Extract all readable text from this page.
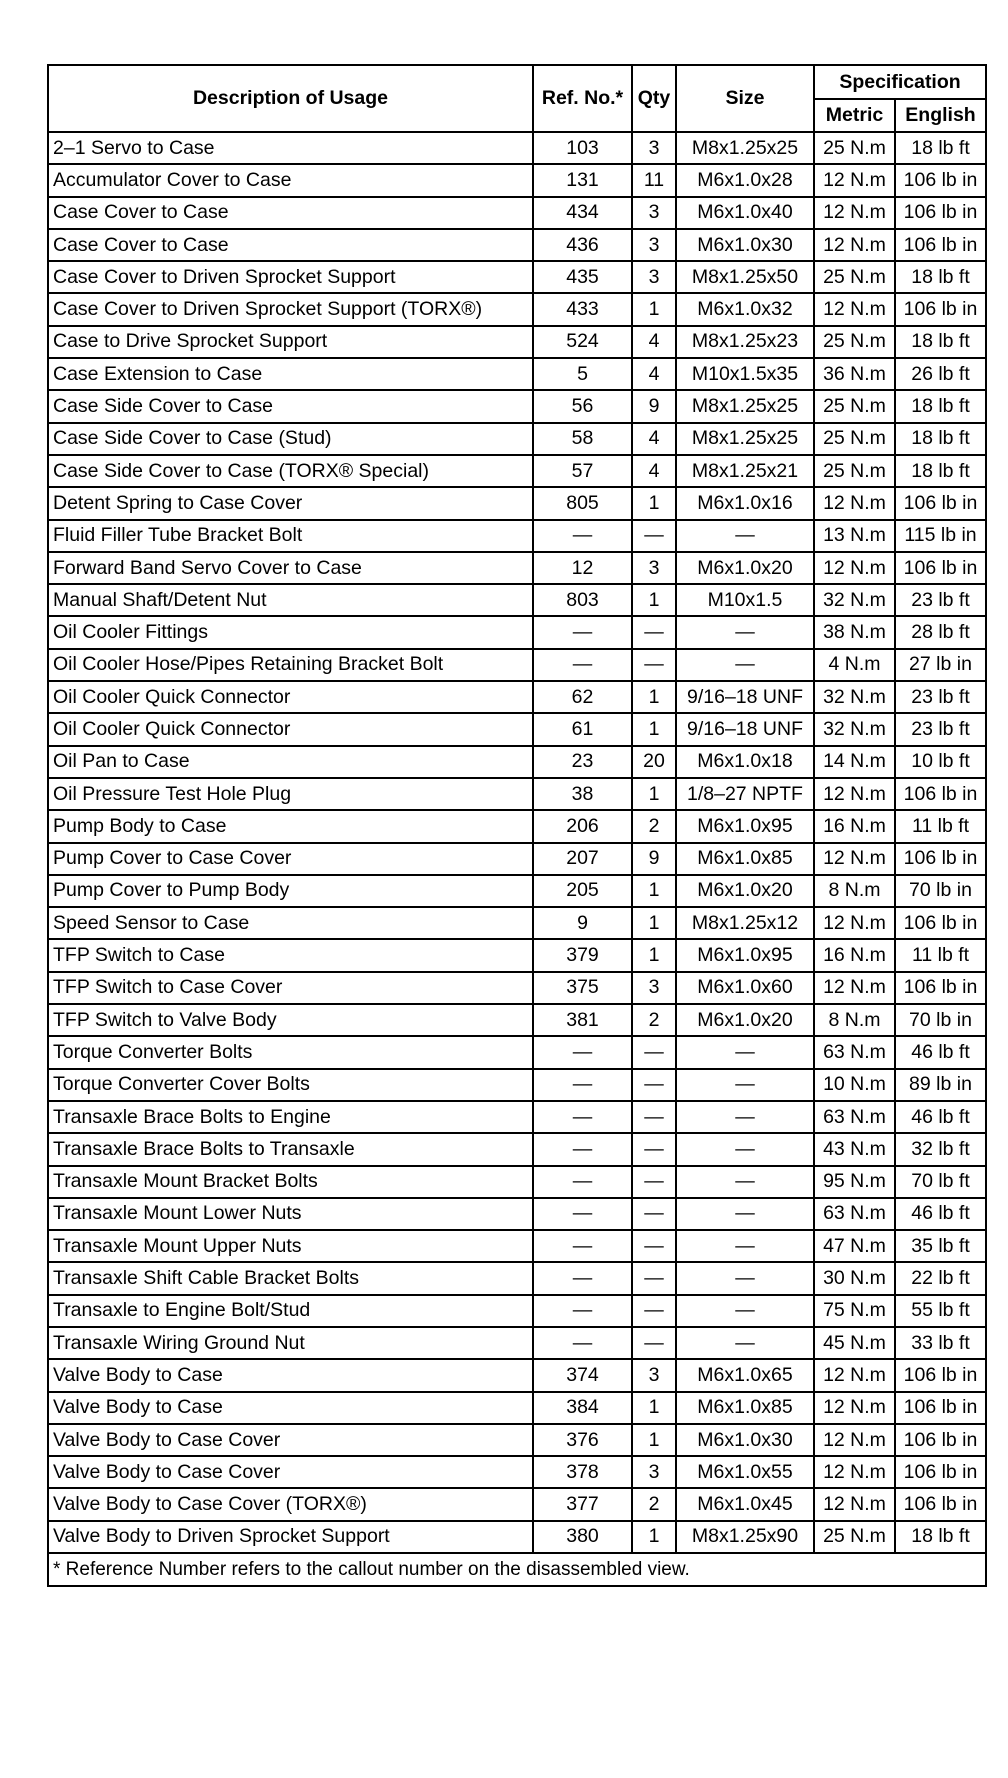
Description of Usage	Ref. No.*	Qty	Size	Specification	
				Metric	English
2–1 Servo to Case	103	3	M8x1.25x25	25 N.m	18 lb ft
Accumulator Cover to Case	131	11	M6x1.0x28	12 N.m	106 lb in
Case Cover to Case	434	3	M6x1.0x40	12 N.m	106 lb in
Case Cover to Case	436	3	M6x1.0x30	12 N.m	106 lb in
Case Cover to Driven Sprocket Support	435	3	M8x1.25x50	25 N.m	18 lb ft
Case Cover to Driven Sprocket Support (TORX®)	433	1	M6x1.0x32	12 N.m	106 lb in
Case to Drive Sprocket Support	524	4	M8x1.25x23	25 N.m	18 lb ft
Case Extension to Case	5	4	M10x1.5x35	36 N.m	26 lb ft
Case Side Cover to Case	56	9	M8x1.25x25	25 N.m	18 lb ft
Case Side Cover to Case (Stud)	58	4	M8x1.25x25	25 N.m	18 lb ft
Case Side Cover to Case (TORX® Special)	57	4	M8x1.25x21	25 N.m	18 lb ft
Detent Spring to Case Cover	805	1	M6x1.0x16	12 N.m	106 lb in
Fluid Filler Tube Bracket Bolt	—	—	—	13 N.m	115 lb in
Forward Band Servo Cover to Case	12	3	M6x1.0x20	12 N.m	106 lb in
Manual Shaft/Detent Nut	803	1	M10x1.5	32 N.m	23 lb ft
Oil Cooler Fittings	—	—	—	38 N.m	28 lb ft
Oil Cooler Hose/Pipes Retaining Bracket Bolt	—	—	—	4 N.m	27 lb in
Oil Cooler Quick Connector	62	1	9/16–18 UNF	32 N.m	23 lb ft
Oil Cooler Quick Connector	61	1	9/16–18 UNF	32 N.m	23 lb ft
Oil Pan to Case	23	20	M6x1.0x18	14 N.m	10 lb ft
Oil Pressure Test Hole Plug	38	1	1/8–27 NPTF	12 N.m	106 lb in
Pump Body to Case	206	2	M6x1.0x95	16 N.m	11 lb ft
Pump Cover to Case Cover	207	9	M6x1.0x85	12 N.m	106 lb in
Pump Cover to Pump Body	205	1	M6x1.0x20	8 N.m	70 lb in
Speed Sensor to Case	9	1	M8x1.25x12	12 N.m	106 lb in
TFP Switch to Case	379	1	M6x1.0x95	16 N.m	11 lb ft
TFP Switch to Case Cover	375	3	M6x1.0x60	12 N.m	106 lb in
TFP Switch to Valve Body	381	2	M6x1.0x20	8 N.m	70 lb in
Torque Converter Bolts	—	—	—	63 N.m	46 lb ft
Torque Converter Cover Bolts	—	—	—	10 N.m	89 lb in
Transaxle Brace Bolts to Engine	—	—	—	63 N.m	46 lb ft
Transaxle Brace Bolts to Transaxle	—	—	—	43 N.m	32 lb ft
Transaxle Mount Bracket Bolts	—	—	—	95 N.m	70 lb ft
Transaxle Mount Lower Nuts	—	—	—	63 N.m	46 lb ft
Transaxle Mount Upper Nuts	—	—	—	47 N.m	35 lb ft
Transaxle Shift Cable Bracket Bolts	—	—	—	30 N.m	22 lb ft
Transaxle to Engine Bolt/Stud	—	—	—	75 N.m	55 lb ft
Transaxle Wiring Ground Nut	—	—	—	45 N.m	33 lb ft
Valve Body to Case	374	3	M6x1.0x65	12 N.m	106 lb in
Valve Body to Case	384	1	M6x1.0x85	12 N.m	106 lb in
Valve Body to Case Cover	376	1	M6x1.0x30	12 N.m	106 lb in
Valve Body to Case Cover	378	3	M6x1.0x55	12 N.m	106 lb in
Valve Body to Case Cover (TORX®)	377	2	M6x1.0x45	12 N.m	106 lb in
Valve Body to Driven Sprocket Support	380	1	M8x1.25x90	25 N.m	18 lb ft
* Reference Number refers to the callout number on the disassembled view.					
